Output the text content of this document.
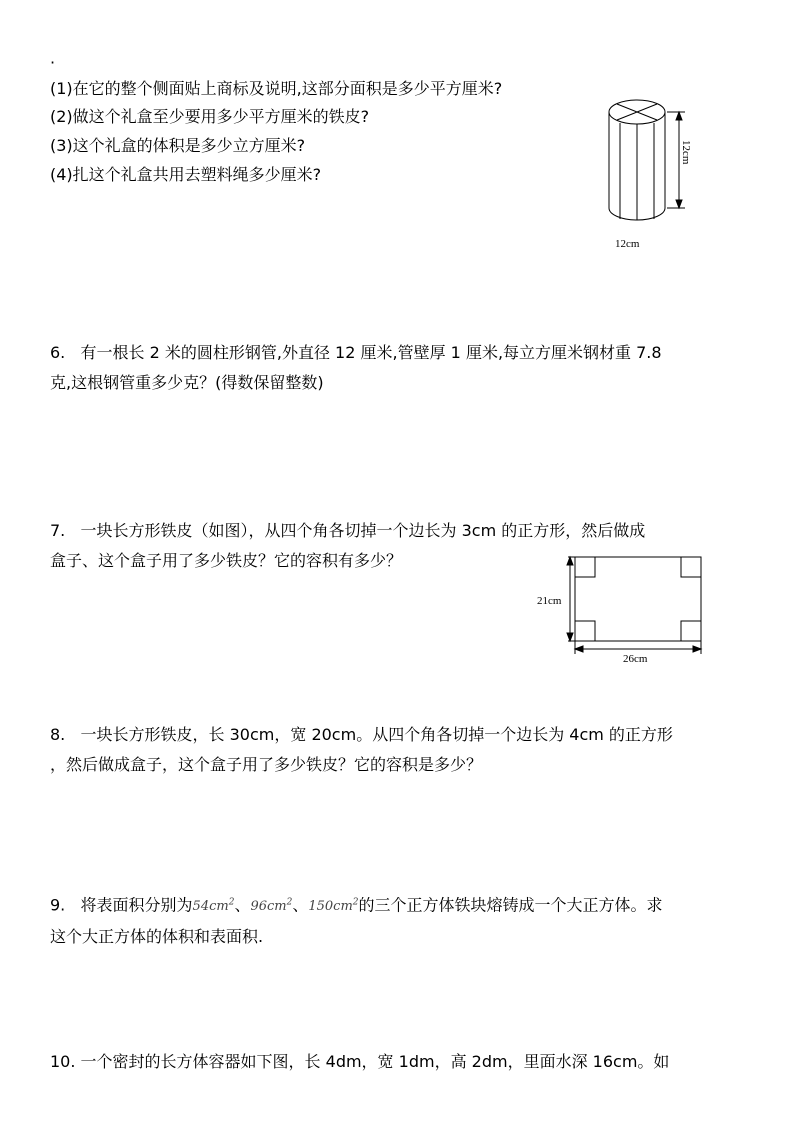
·
(1)在它的整个侧面贴上商标及说明,这部分面积是多少平方厘米?
(2)做这个礼盒至少要用多少平方厘米的铁皮?
(3)这个礼盒的体积是多少立方厘米?
(4)扎这个礼盒共用去塑料绳多少厘米?
12cm
12cm
6. 有一根长 2 米的圆柱形钢管,外直径 12 厘米,管壁厚 1 厘米,每立方厘米钢材重 7.8
克,这根钢管重多少克？(得数保留整数)
7. 一块长方形铁皮（如图），从四个角各切掉一个边长为 3cm 的正方形，然后做成
盒子、这个盒子用了多少铁皮？它的容积有多少？
21cm
26cm
8. 一块长方形铁皮，长 30cm，宽 20cm。从四个角各切掉一个边长为 4cm 的正方形
，然后做成盒子，这个盒子用了多少铁皮？它的容积是多少？
9. 将表面积分别为$54cm^2$、$96cm^2$、$150cm^2$的三个正方体铁块熔铸成一个大正方体。求
这个大正方体的体积和表面积.
10. 一个密封的长方体容器如下图，长 4dm，宽 1dm，高 2dm，里面水深 16cm。如
